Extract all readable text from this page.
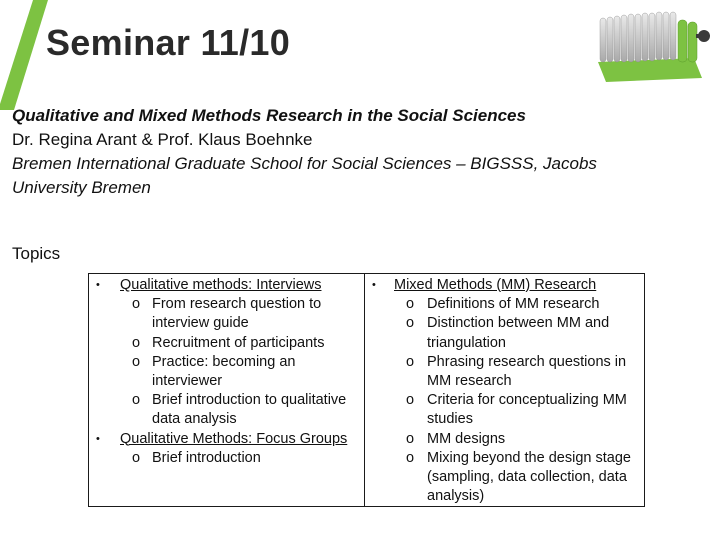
Seminar 11/10

Qualitative and Mixed Methods Research in the Social Sciences

Dr. Regina Arant & Prof. Klaus Boehnke

Bremen International Graduate School for Social Sciences – BIGSSS, Jacobs

University Bremen

Topics
• Qualitative methods: Interviews
o From research question to interview guide
o Recruitment of participants
o Practice: becoming an interviewer
o Brief introduction to qualitative data analysis
• Qualitative Methods: Focus Groups
o Brief introduction
• Mixed Methods (MM) Research
o Definitions of MM research
o Distinction between MM and triangulation
o Phrasing research questions in MM research
o Criteria for conceptualizing MM studies
o MM designs
o Mixing beyond the design stage (sampling, data collection, data analysis)
